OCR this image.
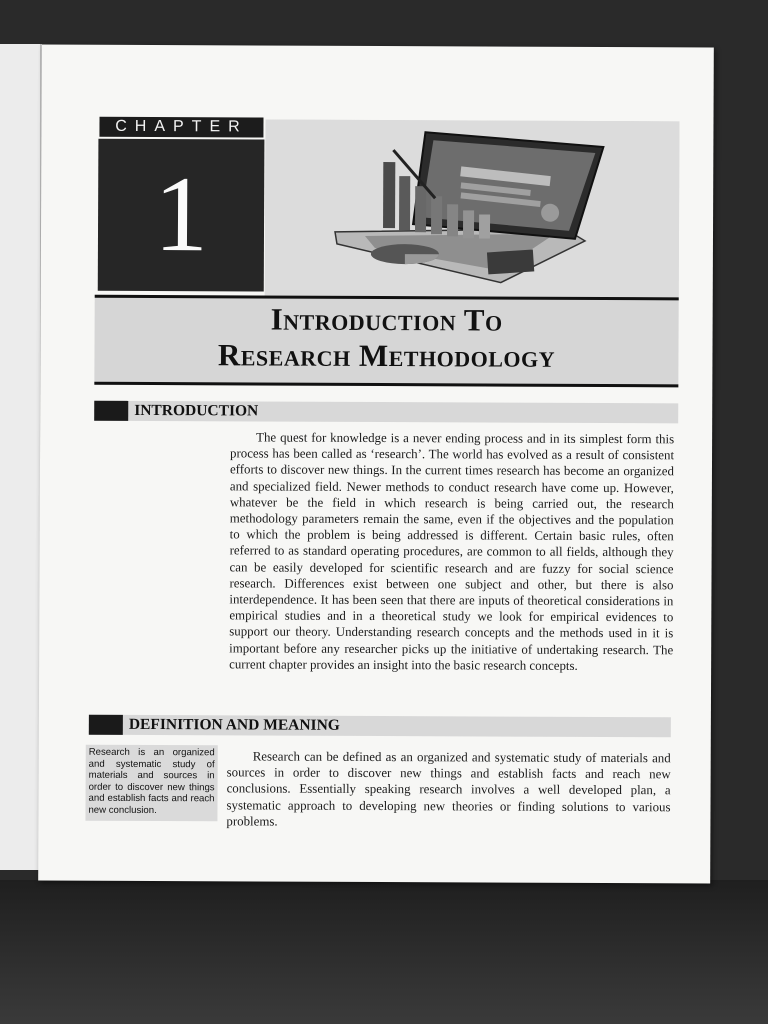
CHAPTER
1
Introduction To
Research Methodology
INTRODUCTION
The quest for knowledge is a never ending process and in its simplest form this process has been called as ‘research’. The world has evolved as a result of consistent efforts to discover new things. In the current times research has become an organized and specialized field. Newer methods to conduct research have come up. However, whatever be the field in which research is being carried out, the research methodology parameters remain the same, even if the objectives and the population to which the problem is being addressed is different. Certain basic rules, often referred to as standard operating procedures, are common to all fields, although they can be easily developed for scientific research and are fuzzy for social science research. Differences exist between one subject and other, but there is also interdependence. It has been seen that there are inputs of theoretical considerations in empirical studies and in a theoretical study we look for empirical evidences to support our theory. Understanding research concepts and the methods used in it is important before any researcher picks up the initiative of undertaking research. The current chapter provides an insight into the basic research concepts.
DEFINITION AND MEANING
Research is an organized and systematic study of materials and sources in order to discover new things and establish facts and reach new conclusion.
Research can be defined as an organized and systematic study of materials and sources in order to discover new things and establish facts and reach new conclusions. Essentially speaking research involves a well developed plan, a systematic approach to developing new theories or finding solutions to various problems.
